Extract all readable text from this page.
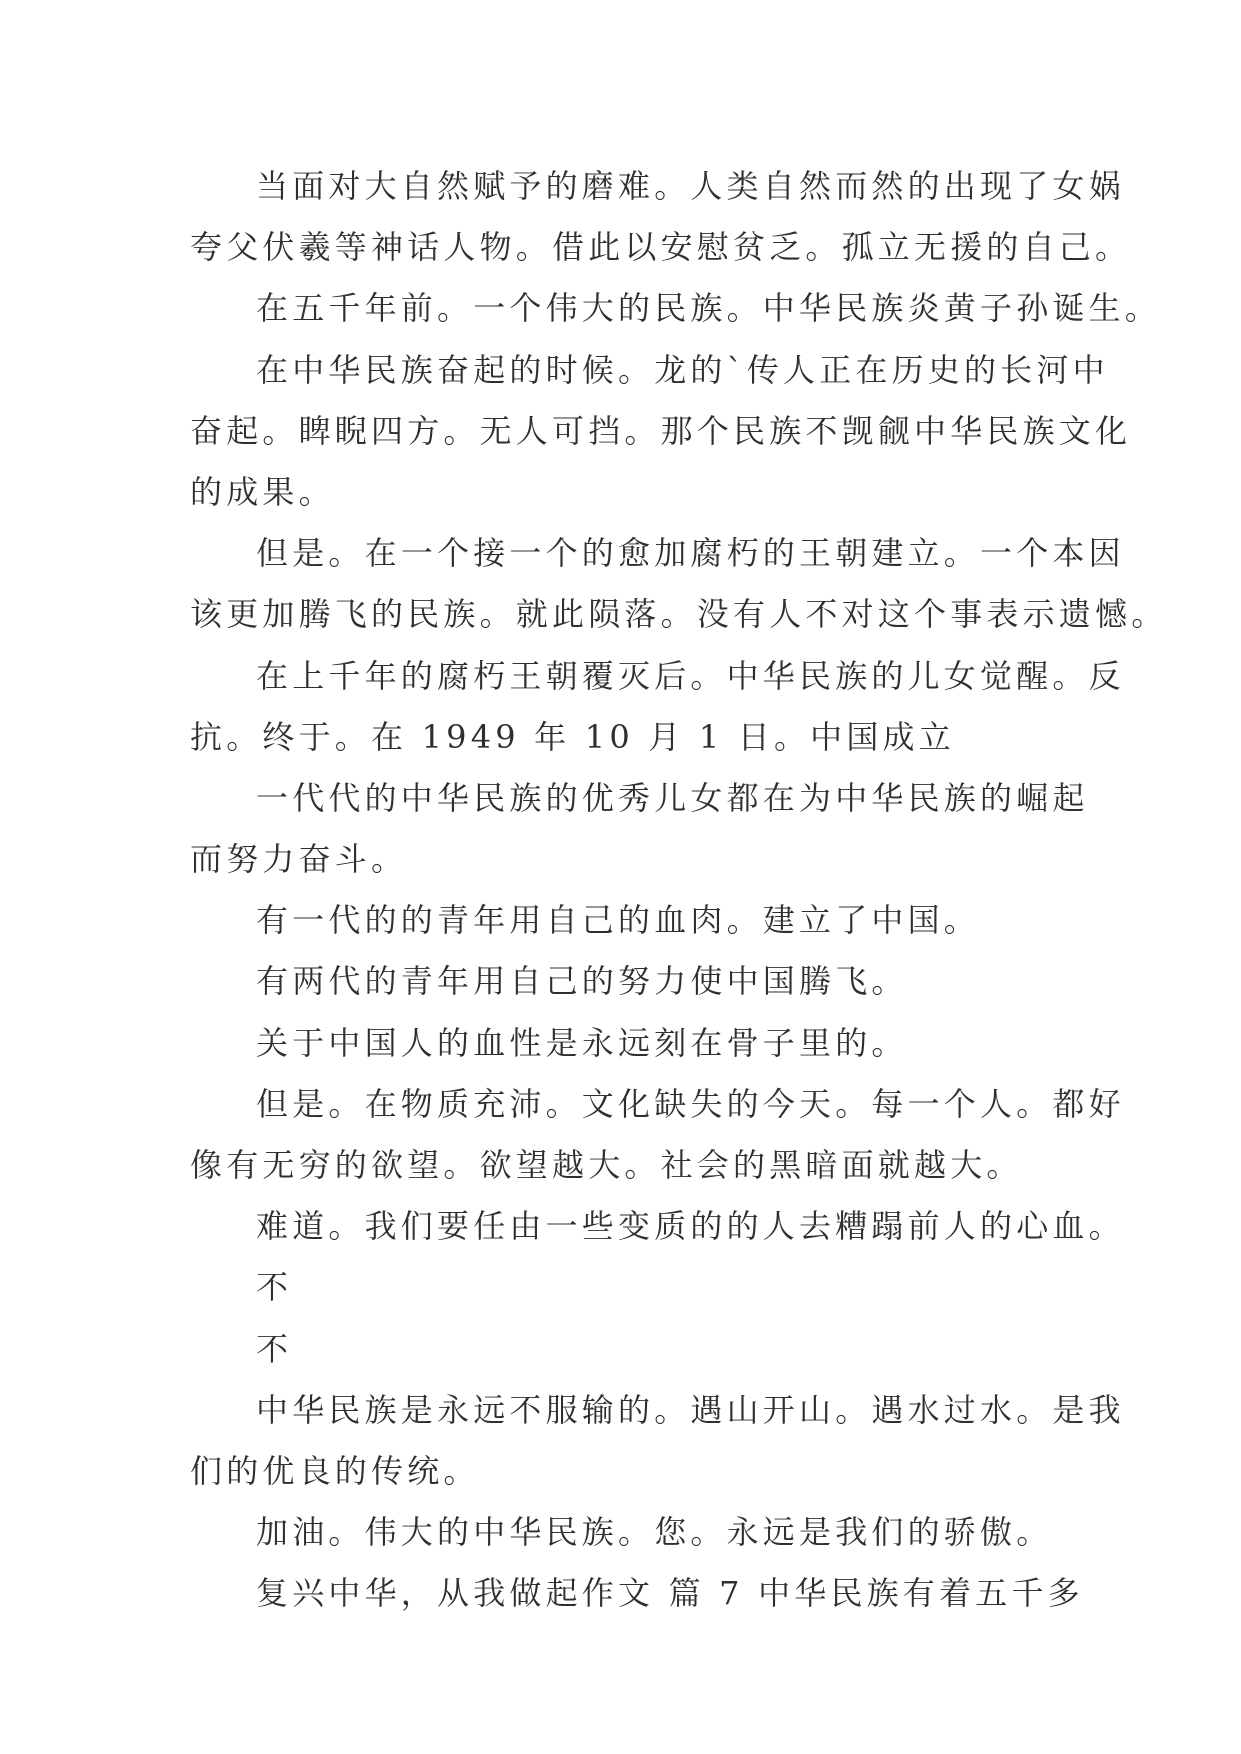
当面对大自然赋予的磨难。人类自然而然的出现了女娲
夸父伏羲等神话人物。借此以安慰贫乏。孤立无援的自己。
在五千年前。一个伟大的民族。中华民族炎黄子孙诞生。
在中华民族奋起的时候。龙的`传人正在历史的长河中
奋起。睥睨四方。无人可挡。那个民族不觊觎中华民族文化
的成果。
但是。在一个接一个的愈加腐朽的王朝建立。一个本因
该更加腾飞的民族。就此陨落。没有人不对这个事表示遗憾。
在上千年的腐朽王朝覆灭后。中华民族的儿女觉醒。反
抗。终于。在 1949 年 10 月 1 日。中国成立
一代代的中华民族的优秀儿女都在为中华民族的崛起
而努力奋斗。
有一代的的青年用自己的血肉。建立了中国。
有两代的青年用自己的努力使中国腾飞。
关于中国人的血性是永远刻在骨子里的。
但是。在物质充沛。文化缺失的今天。每一个人。都好
像有无穷的欲望。欲望越大。社会的黑暗面就越大。
难道。我们要任由一些变质的的人去糟蹋前人的心血。
不
不
中华民族是永远不服输的。遇山开山。遇水过水。是我
们的优良的传统。
加油。伟大的中华民族。您。永远是我们的骄傲。
复兴中华，从我做起作文 篇 7 中华民族有着五千多
